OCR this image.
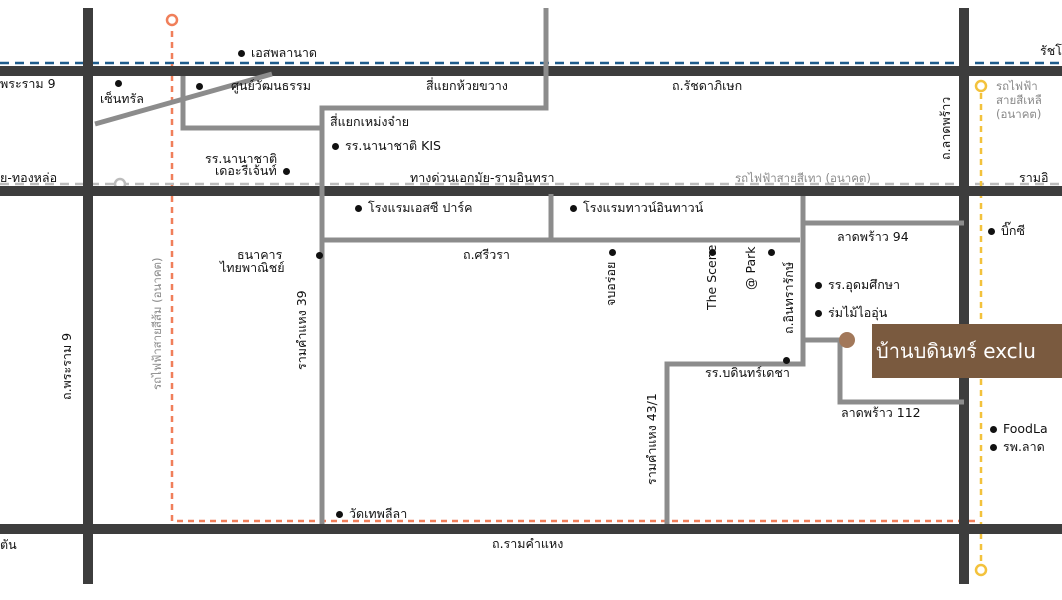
พระราม 9	สี่แยกห้วยขวาง	ถ.รัชดาภิเษก
สี่แยกเหม่งจ๋าย
ย-ทองหล่อ	ทางด่วนเอกมัย-รามอินทรา	รามอิ
รัชโ
ถ.ศรีวรา
ลาดพร้าว 94
ลาดพร้าว 112
ถ.รามคำแหง
ตัน
ถ.พระราม 9	รามคำแหง 39
รามคำแหง 43/1
ถ.ลาดพร้าว
ถ.อินทรารักษ์
รถไฟฟ้าสายสีเทา (อนาคต)
รถไฟฟ้าสายสีส้ม (อนาคต)
รถไฟฟ้า
สายสีเหลื
(อนาคต)
เอสพลานาด
เซ็นทรัล
ศูนย์วัฒนธรรม
รร.นานาชาติ KIS
รร.นานาชาติ
เดอะรีเจ้นท์
โรงแรมเอสซี ปาร์ค	โรงแรมทาวน์อินทาวน์
ธนาคาร
ไทยพาณิชย์	จบอร่อย	The Scene @ Park
บิ๊กซี
รร.อุดมศึกษา
ร่มไม้ไออุ่น
รร.บดินทร์เดชา
FoodLa
รพ.ลาด
วัดเทพลีลา
บ้านบดินทร์ exclu
